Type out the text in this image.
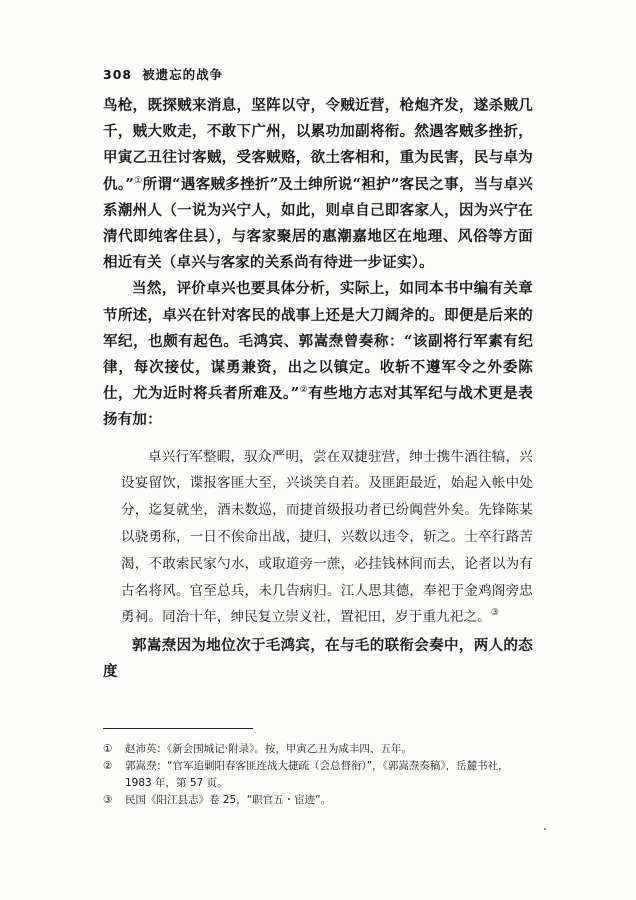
308 被遗忘的战争

鸟枪，既探贼来消息，坚阵以守，令贼近营，枪炮齐发，遂杀贼几千，贼大败走，不敢下广州，以累功加副将衔。然遇客贼多挫折，甲寅乙丑往讨客贼，受客贼赂，欲土客相和，重为民害，民与卓为仇。”①所谓“遇客贼多挫折”及土绅所说“袒护”客民之事，当与卓兴系潮州人（一说为兴宁人，如此，则卓自己即客家人，因为兴宁在清代即纯客住县），与客家聚居的惠潮嘉地区在地理、风俗等方面相近有关（卓兴与客家的关系尚有待进一步证实）。

当然，评价卓兴也要具体分析，实际上，如同本书中编有关章节所述，卓兴在针对客民的战事上还是大刀阔斧的。即便是后来的军纪，也颇有起色。毛鸿宾、郭嵩焘曾奏称：“该副将行军素有纪律，每次接仗，谋勇兼资，出之以镇定。收斩不遵军令之外委陈仕，尤为近时将兵者所难及。”②有些地方志对其军纪与战术更是表扬有加：

卓兴行军整暇，驭众严明，尝在双捷驻营，绅士携牛酒往犒，兴设宴留饮，谍报客匪大至，兴谈笑自若。及匪距最近，始起入帐中处分，迄复就坐，酒未数巡，而捷首级报功者已纷阗营外矣。先锋陈某以骁勇称，一日不俟命出战，捷归，兴数以违令，斩之。士卒行路苦渴，不敢索民家勺水，或取道旁一蔗，必挂钱林间而去，论者以为有古名将风。官至总兵，未几告病归。江人思其德，奉祀于金鸡阁旁忠勇祠。同治十年，绅民复立崇义社，置祀田，岁于重九祀之。③

郭嵩焘因为地位次于毛鸿宾，在与毛的联衔会奏中，两人的态度

① 赵沛英：《新会围城记·附录》。按，甲寅乙丑为咸丰四、五年。

② 郭嵩焘：“官军追剿阳春客匪连战大捷疏（会总督衔）”，《郭嵩焘奏稿》，岳麓书社，1983 年，第 57 页。

③ 民国《阳江县志》卷 25，“职官五・宦迹”。
